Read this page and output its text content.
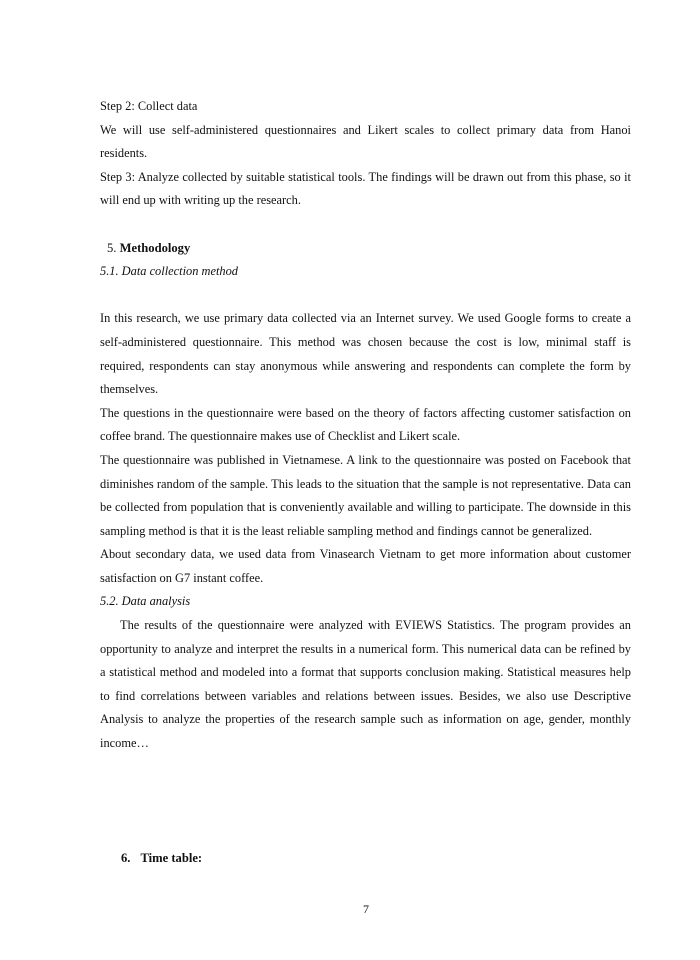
Step 2: Collect data

We will use self-administered questionnaires and Likert scales to collect primary data from Hanoi residents.

Step 3: Analyze collected by suitable statistical tools. The findings will be drawn out from this phase, so it will end up with writing up the research.

5. Methodology

5.1. Data collection method

In this research, we use primary data collected via an Internet survey. We used Google forms to create a self-administered questionnaire. This method was chosen because the cost is low, minimal staff is required, respondents can stay anonymous while answering and respondents can complete the form by themselves.

The questions in the questionnaire were based on the theory of factors affecting customer satisfaction on coffee brand. The questionnaire makes use of Checklist and Likert scale.

The questionnaire was published in Vietnamese. A link to the questionnaire was posted on Facebook that diminishes random of the sample. This leads to the situation that the sample is not representative. Data can be collected from population that is conveniently available and willing to participate. The downside in this sampling method is that it is the least reliable sampling method and findings cannot be generalized.

About secondary data, we used data from Vinasearch Vietnam to get more information about customer satisfaction on G7 instant coffee.

5.2. Data analysis

The results of the questionnaire were analyzed with EVIEWS Statistics. The program provides an opportunity to analyze and interpret the results in a numerical form. This numerical data can be refined by a statistical method and modeled into a format that supports conclusion making. Statistical measures help to find correlations between variables and relations between issues. Besides, we also use Descriptive Analysis to analyze the properties of the research sample such as information on age, gender, monthly income…

6. Time table:
7
